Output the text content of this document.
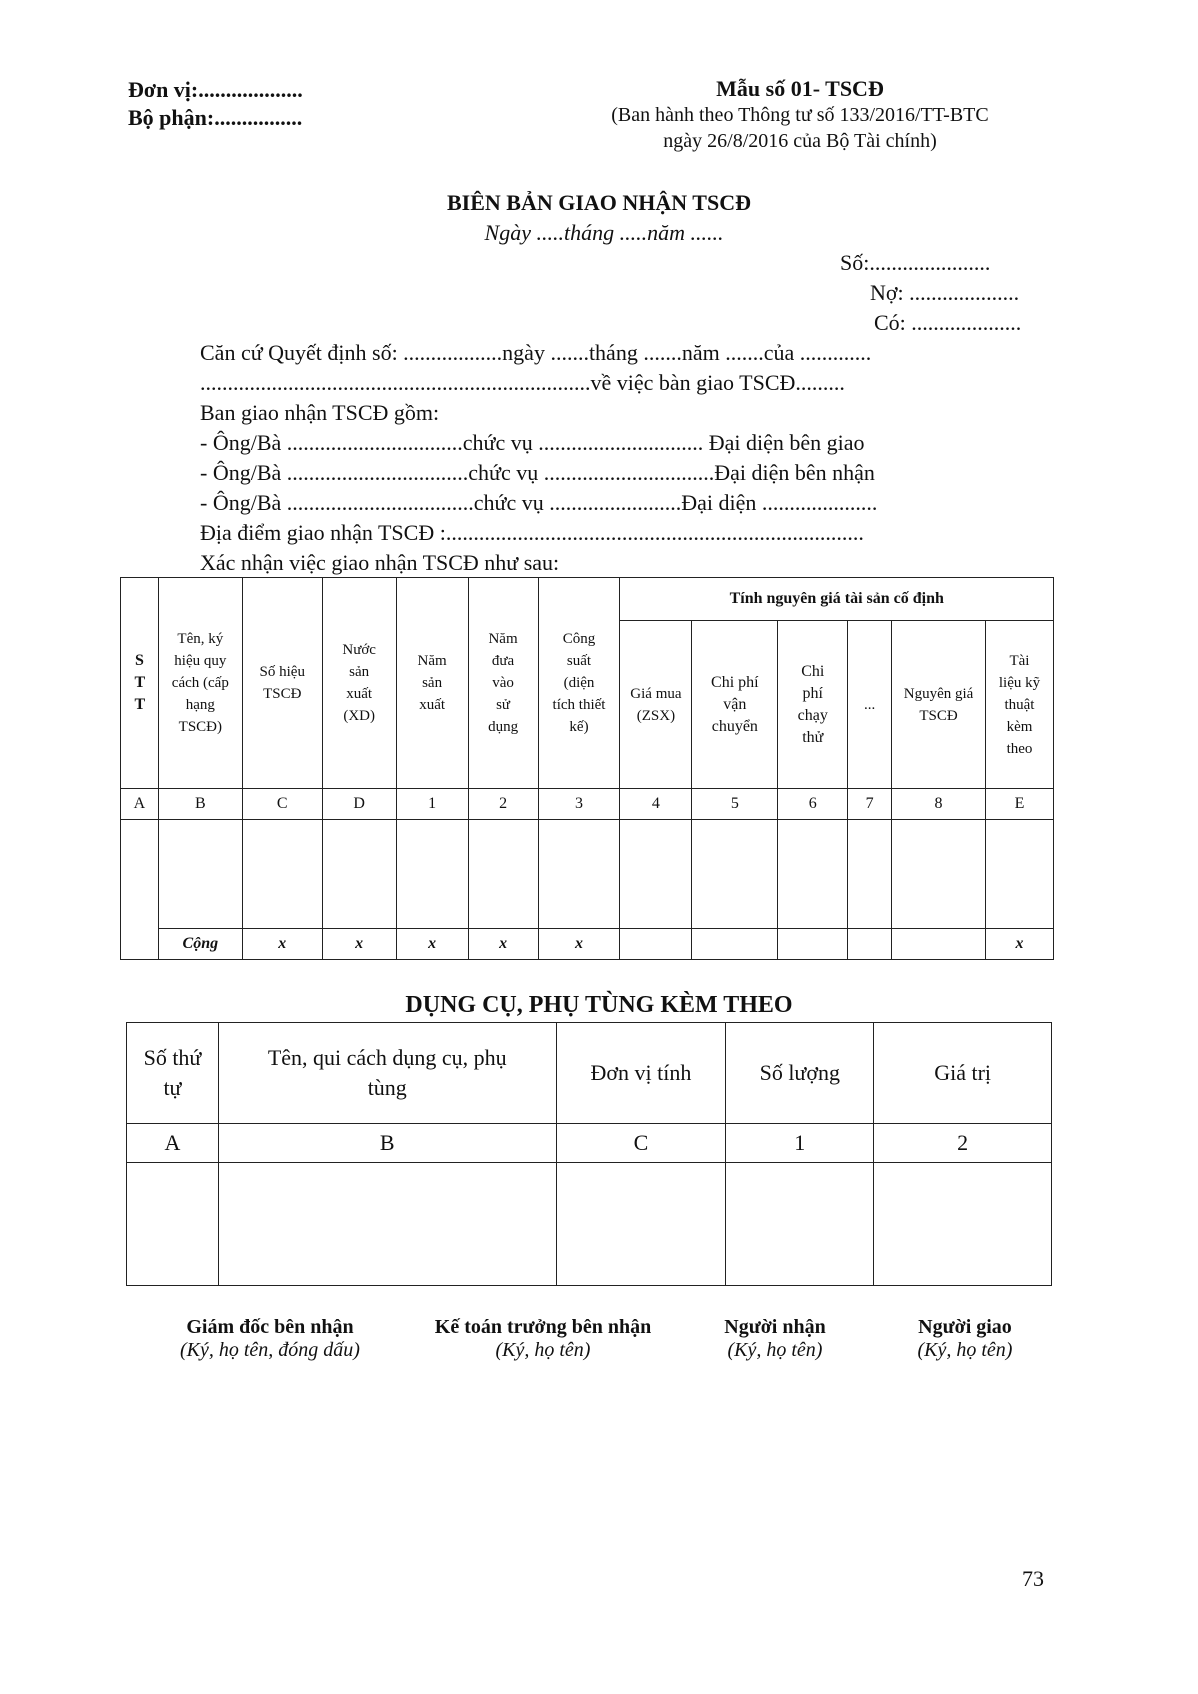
Đơn vị:...................
Bộ phận:................
Mẫu số 01- TSCĐ
(Ban hành theo Thông tư số 133/2016/TT-BTC
ngày 26/8/2016 của Bộ Tài chính)
BIÊN BẢN GIAO NHẬN TSCĐ
Ngày .....tháng .....năm ......
Số:......................
Nợ: ....................
Có: ....................
Căn cứ Quyết định số: ..................ngày .......tháng .......năm .......của .............
.......................................................................về việc bàn giao TSCĐ.........
Ban giao nhận TSCĐ gồm:
- Ông/Bà ................................chức vụ .............................. Đại diện bên giao
- Ông/Bà .................................chức vụ ...............................Đại diện bên nhận
- Ông/Bà ..................................chức vụ ........................Đại diện .....................
Địa điểm giao nhận TSCĐ :............................................................................
Xác nhận việc giao nhận TSCĐ như sau:
S T T	Tên, ký hiệu quy cách (cấp hạng TSCĐ)	Số hiệu TSCĐ	Nước sản xuất (XD)	Năm sản xuất	Năm đưa vào sử dụng	Công suất (diện tích thiết kế)	Tính nguyên giá tài sản cố định					
							Giá mua (ZSX)	Chi phí vận chuyển	Chi phí chạy thử	...	Nguyên giá TSCĐ	Tài liệu kỹ thuật kèm theo
A	B	C	D	1	2	3	4	5	6	7	8	E

	Cộng	x	x	x	x	x						x
DỤNG CỤ, PHỤ TÙNG KÈM THEO
Số thứ tự	Tên, qui cách dụng cụ, phụ tùng	Đơn vị tính	Số lượng	Giá trị
A	B	C	1	2

Giám đốc bên nhận
(Ký, họ tên, đóng dấu)
Kế toán trưởng bên nhận
(Ký, họ tên)
Người nhận
(Ký, họ tên)
Người giao
(Ký, họ tên)
73
